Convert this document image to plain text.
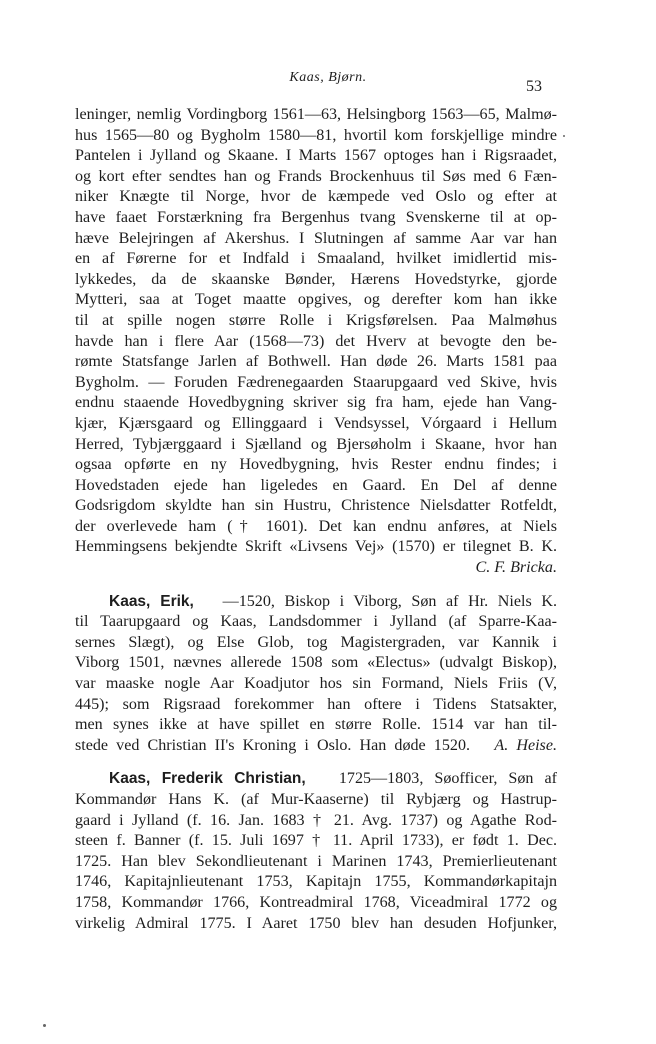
Kaas, Bjørn.
53
leninger, nemlig Vordingborg 1561—63, Helsingborg 1563—65, Malmø-
hus 1565—80 og Bygholm 1580—81, hvortil kom forskjellige mindre
Pantelen i Jylland og Skaane. I Marts 1567 optoges han i Rigsraadet,
og kort efter sendtes han og Frands Brockenhuus til Søs med 6 Fæn-
niker Knægte til Norge, hvor de kæmpede ved Oslo og efter at
have faaet Forstærkning fra Bergenhus tvang Svenskerne til at op-
hæve Belejringen af Akershus. I Slutningen af samme Aar var han
en af Førerne for et Indfald i Smaaland, hvilket imidlertid mis-
lykkedes, da de skaanske Bønder, Hærens Hovedstyrke, gjorde
Mytteri, saa at Toget maatte opgives, og derefter kom han ikke
til at spille nogen større Rolle i Krigsførelsen. Paa Malmøhus
havde han i flere Aar (1568—73) det Hverv at bevogte den be-
rømte Statsfange Jarlen af Bothwell. Han døde 26. Marts 1581 paa
Bygholm. — Foruden Fædrenegaarden Staarupgaard ved Skive, hvis
endnu staaende Hovedbygning skriver sig fra ham, ejede han Vang-
kjær, Kjærsgaard og Ellinggaard i Vendsyssel, Vórgaard i Hellum
Herred, Tybjærggaard i Sjælland og Bjersøholm i Skaane, hvor han
ogsaa opførte en ny Hovedbygning, hvis Rester endnu findes; i
Hovedstaden ejede han ligeledes en Gaard. En Del af denne
Godsrigdom skyldte han sin Hustru, Christence Nielsdatter Rotfeldt,
der overlevede ham († 1601). Det kan endnu anføres, at Niels
Hemmingsens bekjendte Skrift «Livsens Vej» (1570) er tilegnet B. K.
C. F. Bricka.
Kaas, Erik, —1520, Biskop i Viborg, Søn af Hr. Niels K.
til Taarupgaard og Kaas, Landsdommer i Jylland (af Sparre-Kaa-
sernes Slægt), og Else Glob, tog Magistergraden, var Kannik i
Viborg 1501, nævnes allerede 1508 som «Electus» (udvalgt Biskop),
var maaske nogle Aar Koadjutor hos sin Formand, Niels Friis (V,
445); som Rigsraad forekommer han oftere i Tidens Statsakter,
men synes ikke at have spillet en større Rolle. 1514 var han til-
stede ved Christian II's Kroning i Oslo. Han døde 1520. A. Heise.
Kaas, Frederik Christian, 1725—1803, Søofficer, Søn af
Kommandør Hans K. (af Mur-Kaaserne) til Rybjærg og Hastrup-
gaard i Jylland (f. 16. Jan. 1683 † 21. Avg. 1737) og Agathe Rod-
steen f. Banner (f. 15. Juli 1697 † 11. April 1733), er født 1. Dec.
1725. Han blev Sekondlieutenant i Marinen 1743, Premierlieutenant
1746, Kapitajnlieutenant 1753, Kapitajn 1755, Kommandørkapitajn
1758, Kommandør 1766, Kontreadmiral 1768, Viceadmiral 1772 og
virkelig Admiral 1775. I Aaret 1750 blev han desuden Hofjunker,
